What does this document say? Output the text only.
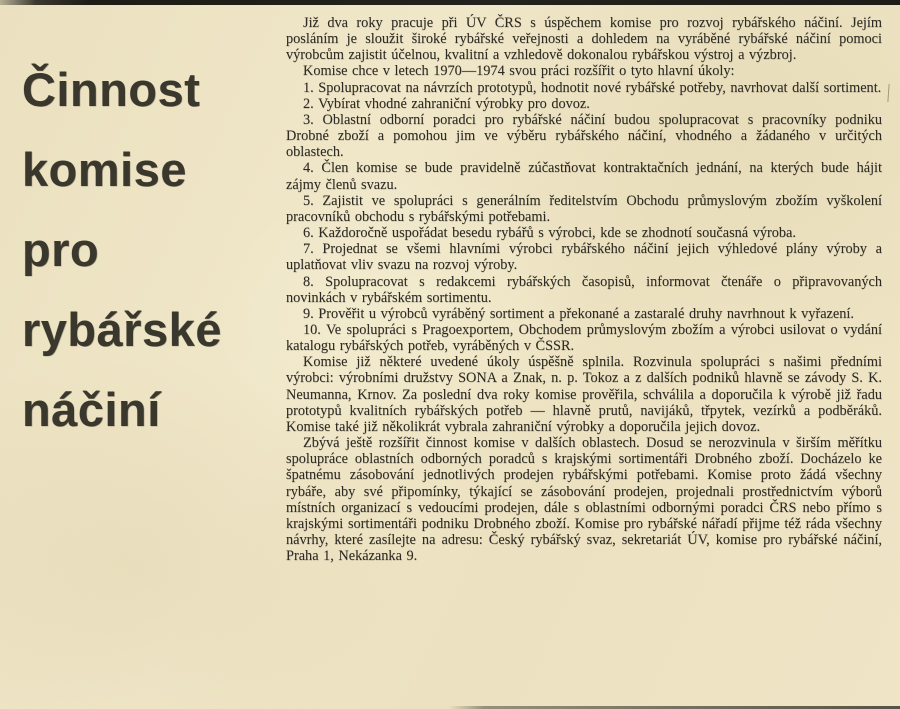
Činnost
komise
pro
rybářské
náčiní

Již dva roky pracuje při ÚV ČRS s úspěchem komise pro rozvoj rybářského náčiní. Jejím posláním je sloužit široké rybářské veřejnosti a dohledem na vyráběné rybářské náčiní pomoci výrobcům zajistit účelnou, kvalitní a vzhledově dokonalou rybářskou výstroj a výzbroj.

Komise chce v letech 1970—1974 svou práci rozšířit o tyto hlavní úkoly:

1. Spolupracovat na návrzích prototypů, hodnotit nové rybářské potřeby, navrhovat další sortiment.

2. Vybírat vhodné zahraniční výrobky pro dovoz.

3. Oblastní odborní poradci pro rybářské náčiní budou spolupracovat s pracovníky podniku Drobné zboží a pomohou jim ve výběru rybářského náčiní, vhodného a žádaného v určitých oblastech.

4. Člen komise se bude pravidelně zúčastňovat kontraktačních jednání, na kterých bude hájit zájmy členů svazu.

5. Zajistit ve spolupráci s generálním ředitelstvím Obchodu průmyslovým zbožím vyškolení pracovníků obchodu s rybářskými potřebami.

6. Každoročně uspořádat besedu rybářů s výrobci, kde se zhodnotí současná výroba.

7. Projednat se všemi hlavními výrobci rybářského náčiní jejich výhledové plány výroby a uplatňovat vliv svazu na rozvoj výroby.

8. Spolupracovat s redakcemi rybářských časopisů, informovat čtenáře o připravovaných novinkách v rybářském sortimentu.

9. Prověřit u výrobců vyráběný sortiment a překonané a zastaralé druhy navrhnout k vyřazení.

10. Ve spolupráci s Pragoexportem, Obchodem průmyslovým zbožím a výrobci usilovat o vydání katalogu rybářských potřeb, vyráběných v ČSSR.

Komise již některé uvedené úkoly úspěšně splnila. Rozvinula spolupráci s našimi předními výrobci: výrobními družstvy SONA a Znak, n. p. Tokoz a z dalších podniků hlavně se závody S. K. Neumanna, Krnov. Za poslední dva roky komise prověřila, schválila a doporučila k výrobě již řadu prototypů kvalitních rybářských potřeb — hlavně prutů, navijáků, třpytek, vezírků a podběráků. Komise také již několikrát vybrala zahraniční výrobky a doporučila jejich dovoz.

Zbývá ještě rozšířit činnost komise v dalších oblastech. Dosud se nerozvinula v širším měřítku spolupráce oblastních odborných poradců s krajskými sortimentáři Drobného zboží. Docházelo ke špatnému zásobování jednotlivých prodejen rybářskými potřebami. Komise proto žádá všechny rybáře, aby své připomínky, týkající se zásobování prodejen, projednali prostřednictvím výborů místních organizací s vedoucími prodejen, dále s oblastními odbornými poradci ČRS nebo přímo s krajskými sortimentáři podniku Drobného zboží. Komise pro rybářské nářadí přijme též ráda všechny návrhy, které zasílejte na adresu: Český rybářský svaz, sekretariát ÚV, komise pro rybářské náčiní, Praha 1, Nekázanka 9.
